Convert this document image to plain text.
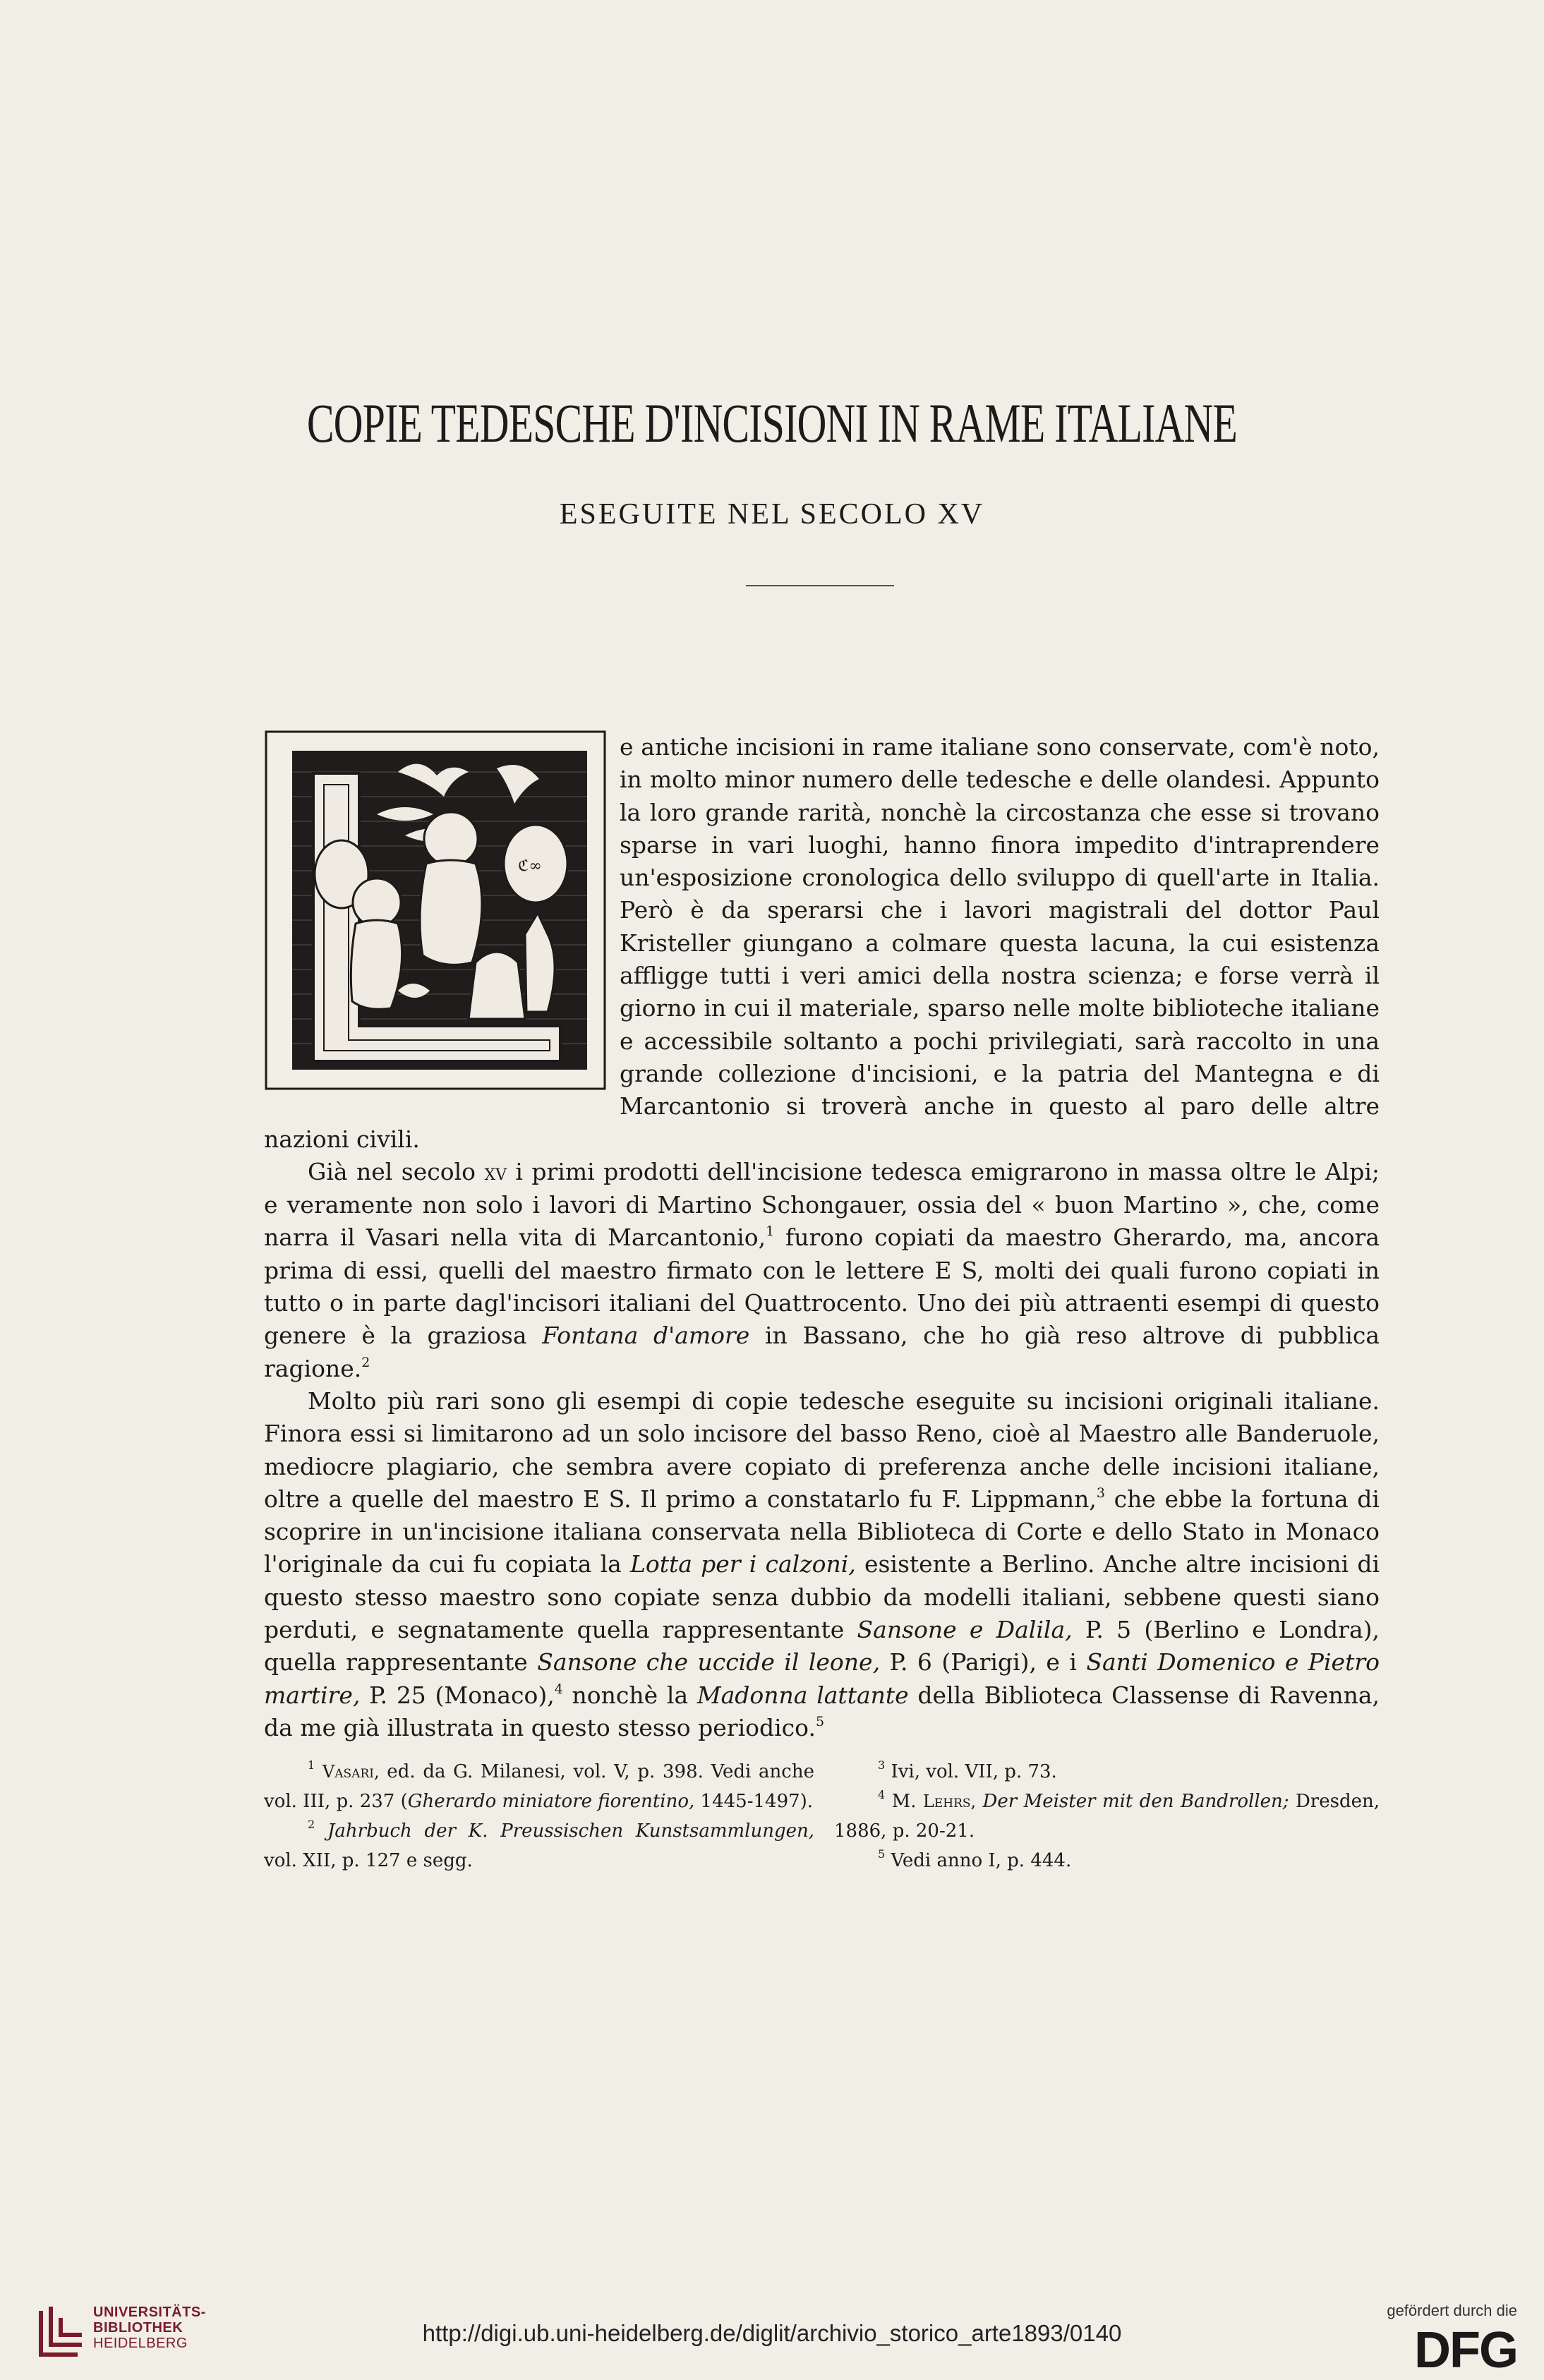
COPIE TEDESCHE D'INCISIONI IN RAME ITALIANE
ESEGUITE NEL SECOLO XV
ℭ∞

e antiche incisioni in rame italiane sono conservate, com'è noto, in molto minor numero delle tedesche e delle olandesi. Appunto la loro grande rarità, nonchè la circostanza che esse si trovano sparse in vari luoghi, hanno finora impedito d'intraprendere un'esposizione cronologica dello sviluppo di quell'arte in Italia. Però è da sperarsi che i lavori magistrali del dottor Paul Kristeller giungano a colmare questa lacuna, la cui esistenza affligge tutti i veri amici della nostra scienza; e forse verrà il giorno in cui il materiale, sparso nelle molte biblioteche italiane e accessibile soltanto a pochi privilegiati, sarà raccolto in una grande collezione d'incisioni, e la patria del Mantegna e di Marcantonio si troverà anche in questo al paro delle altre nazioni civili.

Già nel secolo xv i primi prodotti dell'incisione tedesca emigrarono in massa oltre le Alpi; e veramente non solo i lavori di Martino Schongauer, ossia del « buon Martino », che, come narra il Vasari nella vita di Marcantonio,$^1$ furono copiati da maestro Gherardo, ma, ancora prima di essi, quelli del maestro firmato con le lettere E S, molti dei quali furono copiati in tutto o in parte dagl'incisori italiani del Quattrocento. Uno dei più attraenti esempi di questo genere è la graziosa Fontana d'amore in Bassano, che ho già reso altrove di pubblica ragione.$^2$

Molto più rari sono gli esempi di copie tedesche eseguite su incisioni originali italiane. Finora essi si limitarono ad un solo incisore del basso Reno, cioè al Maestro alle Banderuole, mediocre plagiario, che sembra avere copiato di preferenza anche delle incisioni italiane, oltre a quelle del maestro E S. Il primo a constatarlo fu F. Lippmann,$^3$ che ebbe la fortuna di scoprire in un'incisione italiana conservata nella Biblioteca di Corte e dello Stato in Monaco l'originale da cui fu copiata la Lotta per i calzoni, esistente a Berlino. Anche altre incisioni di questo stesso maestro sono copiate senza dubbio da modelli italiani, sebbene questi siano perduti, e segnatamente quella rappresentante Sansone e Dalila, P. 5 (Berlino e Londra), quella rappresentante Sansone che uccide il leone, P. 6 (Parigi), e i Santi Domenico e Pietro martire, P. 25 (Monaco),$^4$ nonchè la Madonna lattante della Biblioteca Classense di Ravenna, da me già illustrata in questo stesso periodico.$^5$

$^1$ Vasari, ed. da G. Milanesi, vol. V, p. 398. Vedi anche vol. III, p. 237 (Gherardo miniatore fiorentino, 1445-1497).

$^2$ Jahrbuch der K. Preussischen Kunstsammlungen, vol. XII, p. 127 e segg.

$^3$ Ivi, vol. VII, p. 73.

$^4$ M. Lehrs, Der Meister mit den Bandrollen; Dresden, 1886, p. 20-21.

$^5$ Vedi anno I, p. 444.

UNIVERSITÄTS-
BIBLIOTHEK
HEIDELBERG	http://digi.ub.uni-heidelberg.de/diglit/archivio_storico_arte1893/0140
gefördert durch die
DFG
